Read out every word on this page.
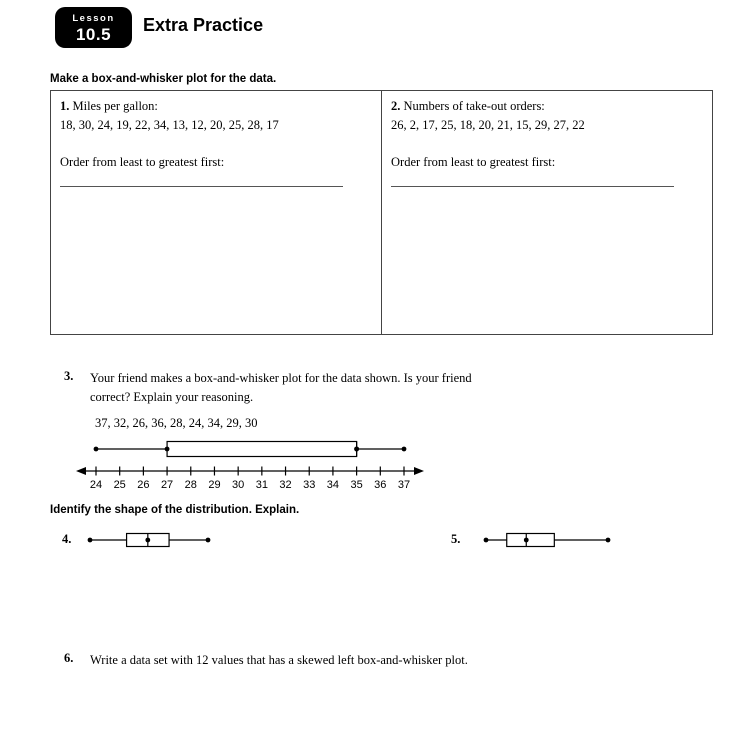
Lesson
10.5	Extra Practice
Make a box-and-whisker plot for the data.
1. Miles per gallon:
18, 30, 24, 19, 22, 34, 13, 12, 20, 25, 28, 17
Order from least to greatest first:

2. Numbers of take-out orders:
26, 2, 17, 25, 18, 20, 21, 15, 29, 27, 22
Order from least to greatest first:
3. Your friend makes a box-and-whisker plot for the data shown. Is your friend correct? Explain your reasoning.
37, 32, 26, 36, 28, 24, 34, 29, 30
24 25 26 27 28 29 30 31 32 33 34 35 36 37
Identify the shape of the distribution. Explain.
4.	5.
6. Write a data set with 12 values that has a skewed left box-and-whisker plot.
